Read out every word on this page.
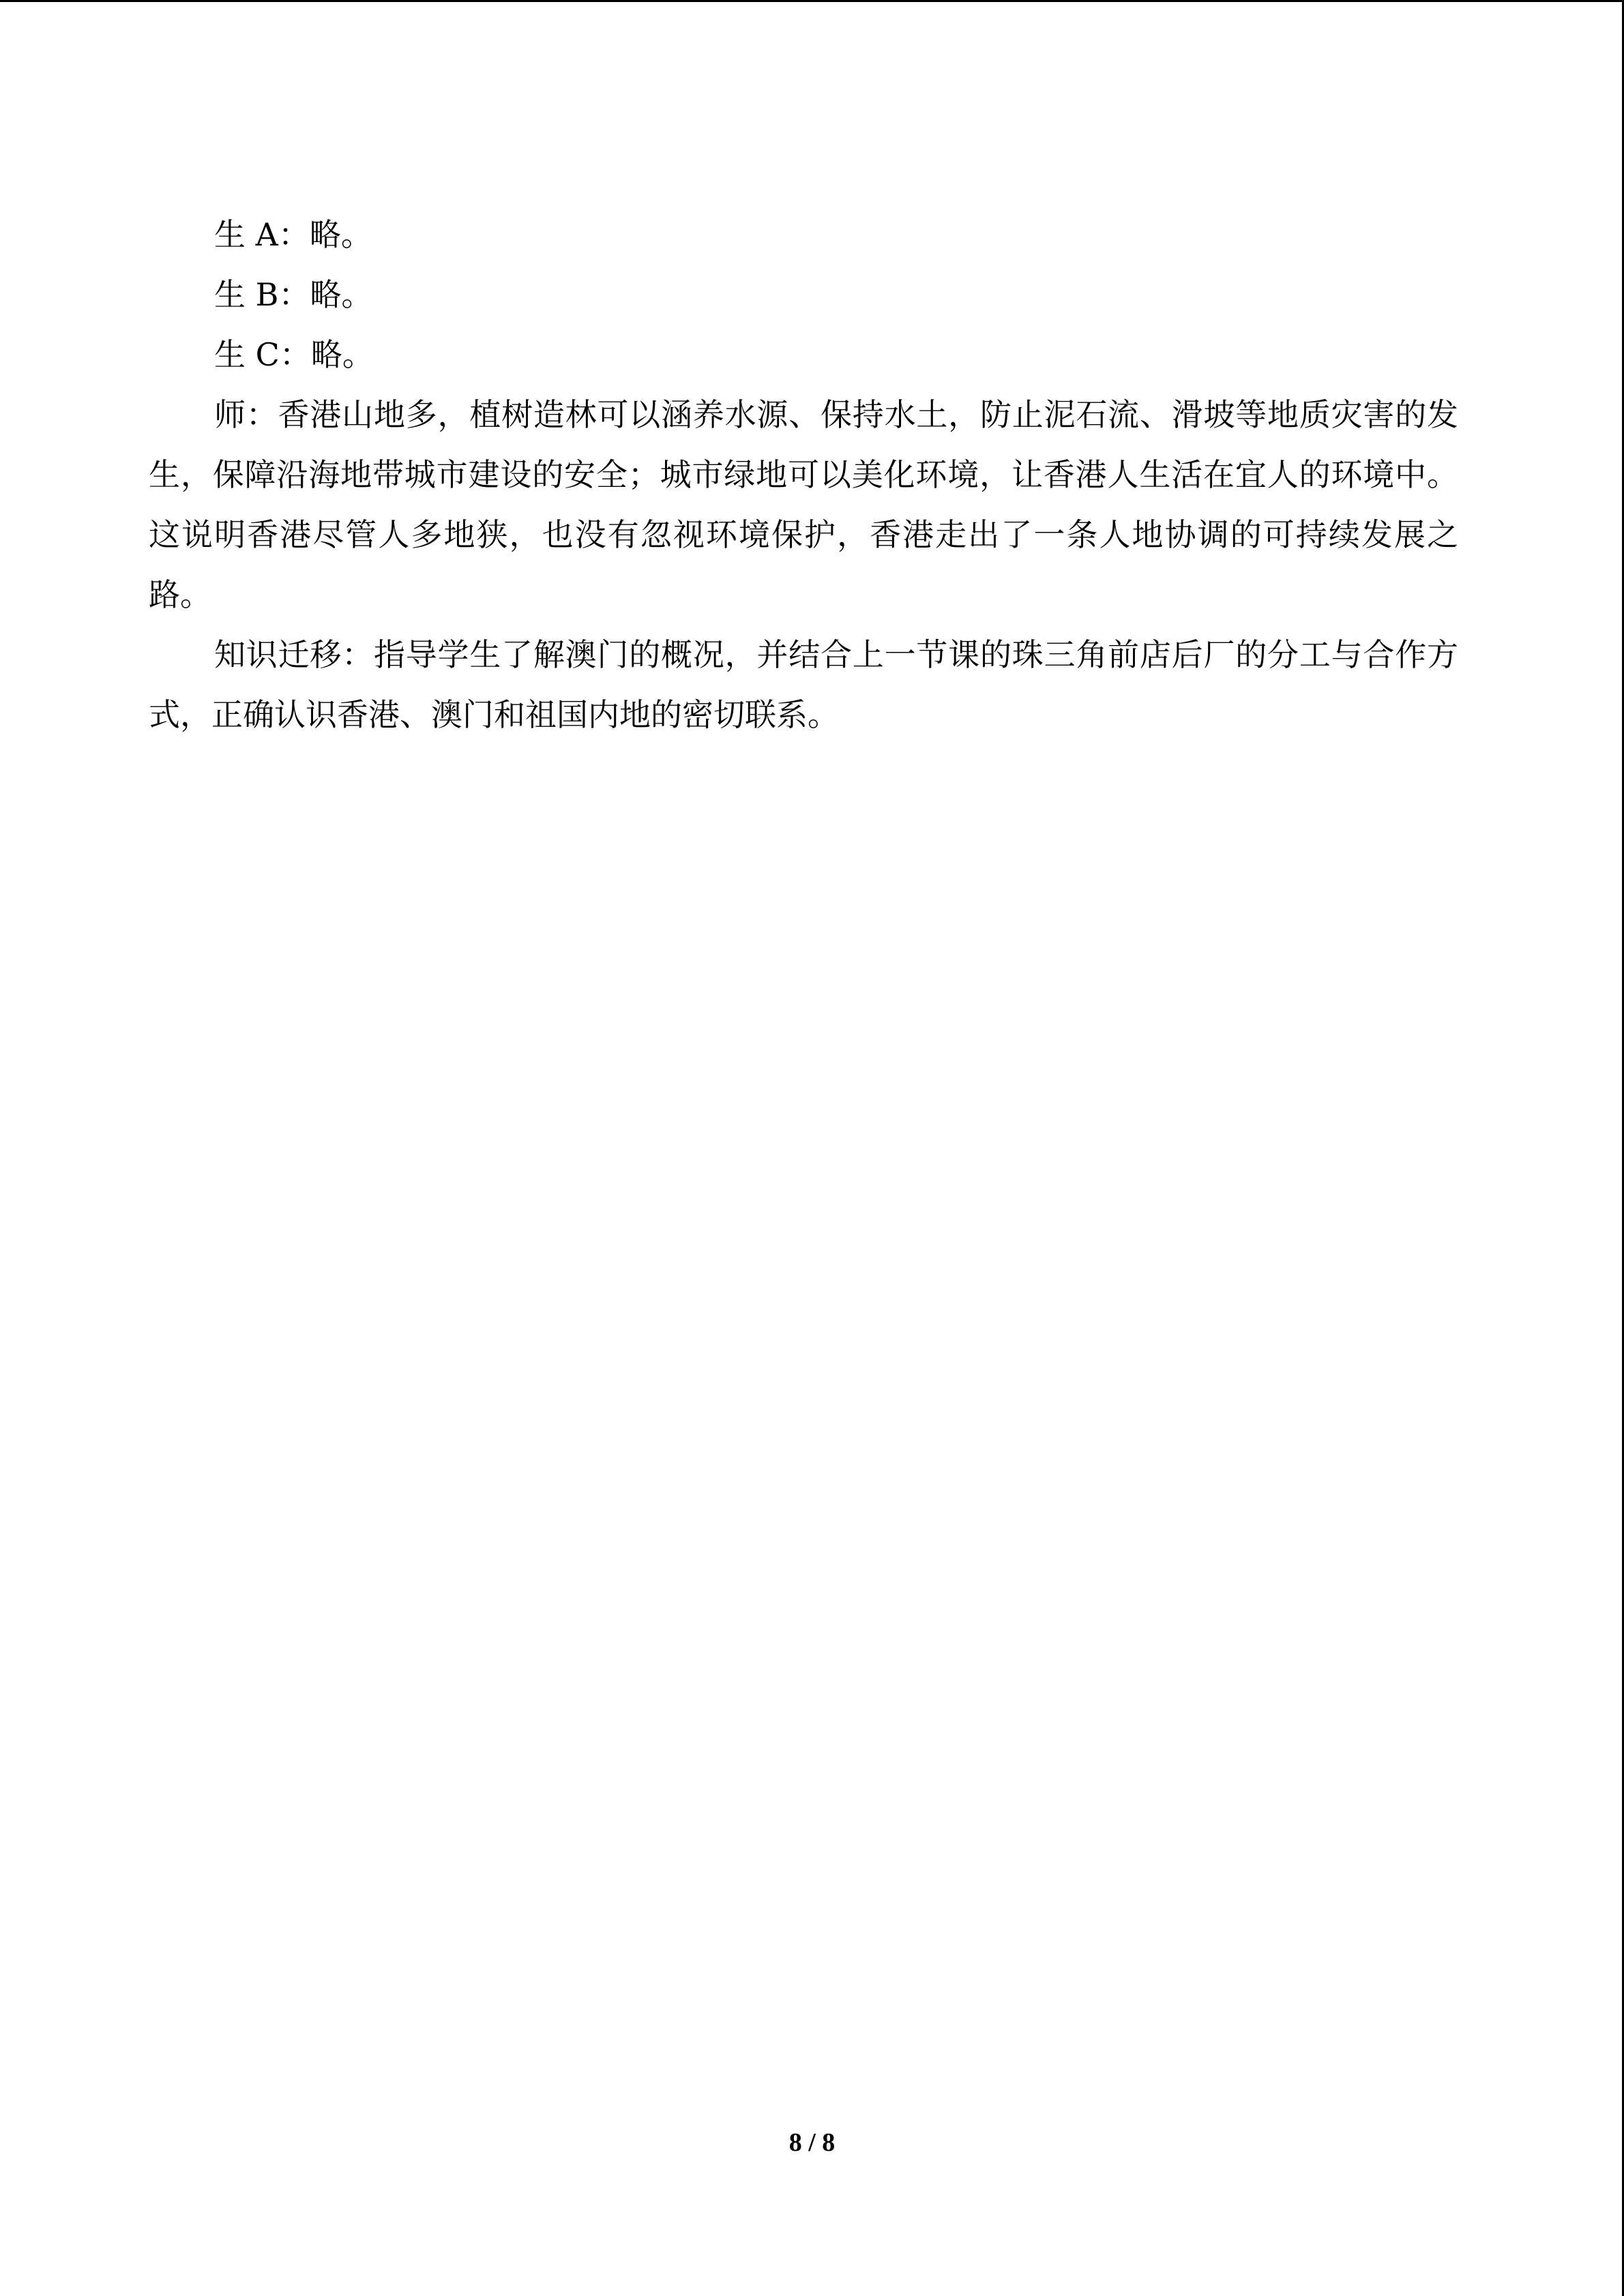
生 A：略。

生 B：略。

生 C：略。

师：香港山地多，植树造林可以涵养水源、保持水土，防止泥石流、滑坡等地质灾害的发生，保障沿海地带城市建设的安全；城市绿地可以美化环境，让香港人生活在宜人的环境中。这说明香港尽管人多地狭，也没有忽视环境保护，香港走出了一条人地协调的可持续发展之路。

知识迁移：指导学生了解澳门的概况，并结合上一节课的珠三角前店后厂的分工与合作方式，正确认识香港、澳门和祖国内地的密切联系。

8 / 8
